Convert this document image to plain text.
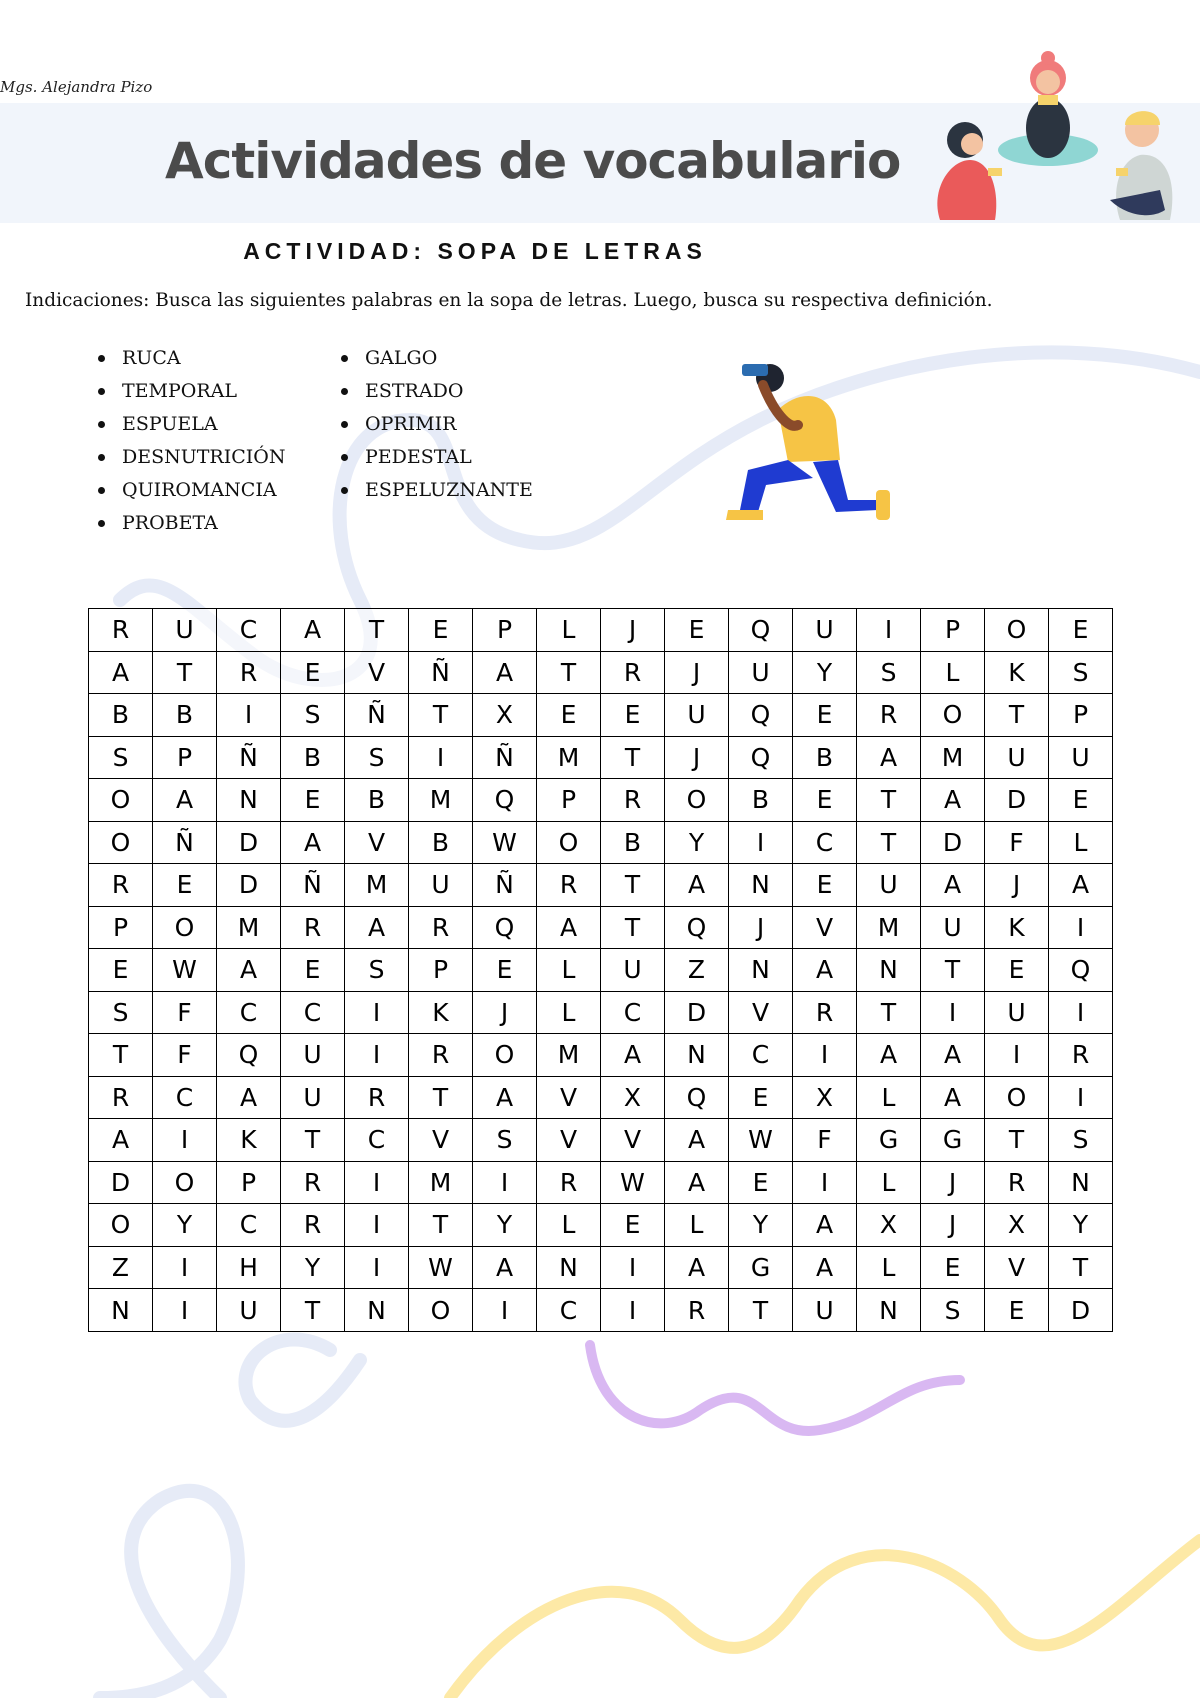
Mgs. Alejandra Pizo
Actividades de vocabulario
ACTIVIDAD: SOPA DE LETRAS

Indicaciones: Busca las siguientes palabras en la sopa de letras. Luego, busca su respectiva definición.

RUCA
TEMPORAL
ESPUELA
DESNUTRICIÓN
QUIROMANCIA
PROBETA
GALGO
ESTRADO
OPRIMIR
PEDESTAL
ESPELUZNANTE
R	U	C	A	T	E	P	L	J	E	Q	U	I	P	O	E
A	T	R	E	V	Ñ	A	T	R	J	U	Y	S	L	K	S
B	B	I	S	Ñ	T	X	E	E	U	Q	E	R	O	T	P
S	P	Ñ	B	S	I	Ñ	M	T	J	Q	B	A	M	U	U
O	A	N	E	B	M	Q	P	R	O	B	E	T	A	D	E
O	Ñ	D	A	V	B	W	O	B	Y	I	C	T	D	F	L
R	E	D	Ñ	M	U	Ñ	R	T	A	N	E	U	A	J	A
P	O	M	R	A	R	Q	A	T	Q	J	V	M	U	K	I
E	W	A	E	S	P	E	L	U	Z	N	A	N	T	E	Q
S	F	C	C	I	K	J	L	C	D	V	R	T	I	U	I
T	F	Q	U	I	R	O	M	A	N	C	I	A	A	I	R
R	C	A	U	R	T	A	V	X	Q	E	X	L	A	O	I
A	I	K	T	C	V	S	V	V	A	W	F	G	G	T	S
D	O	P	R	I	M	I	R	W	A	E	I	L	J	R	N
O	Y	C	R	I	T	Y	L	E	L	Y	A	X	J	X	Y
Z	I	H	Y	I	W	A	N	I	A	G	A	L	E	V	T
N	I	U	T	N	O	I	C	I	R	T	U	N	S	E	D
